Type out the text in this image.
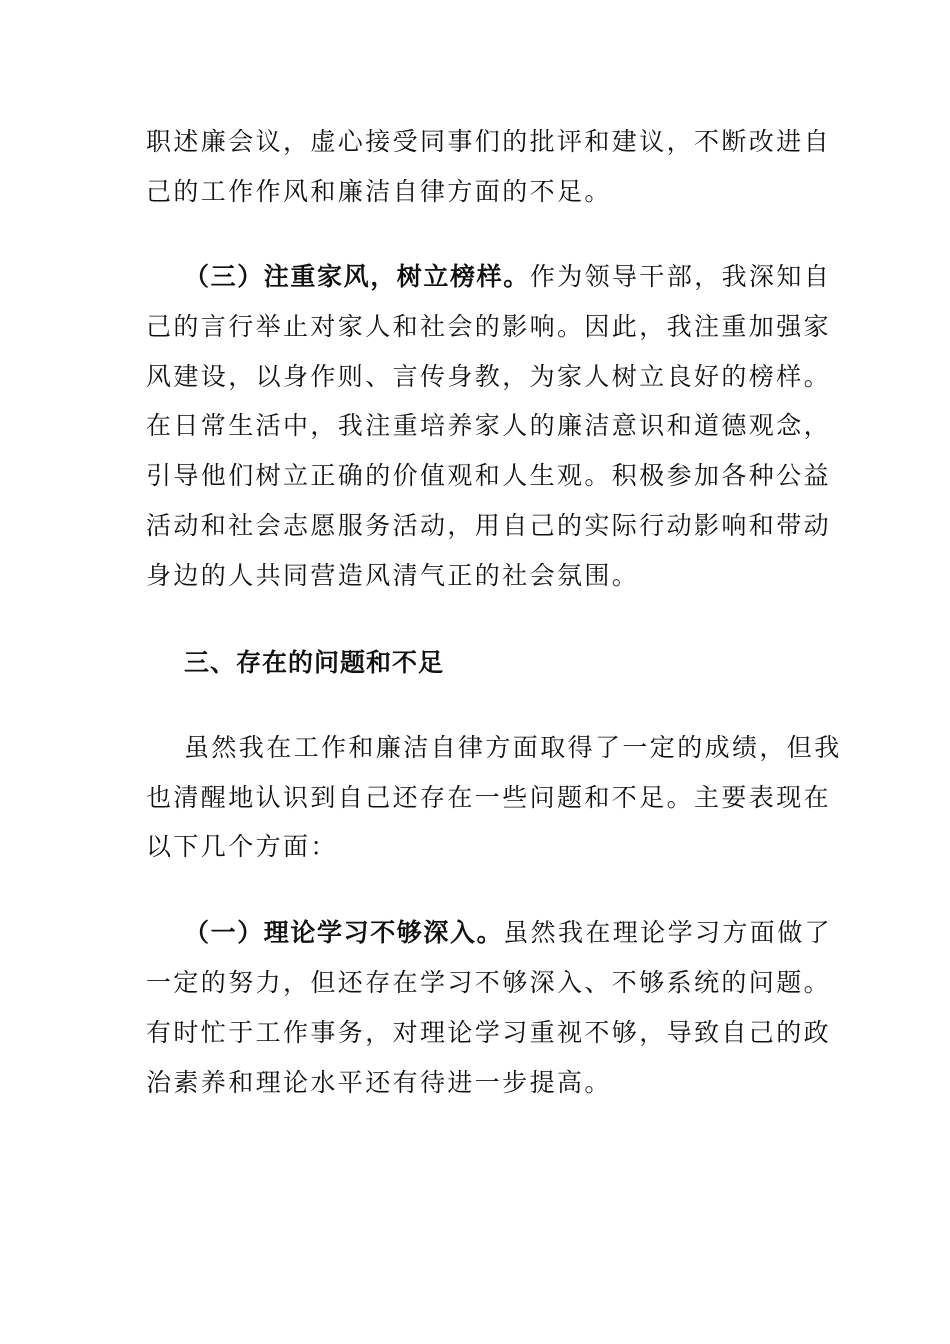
职述廉会议，虚心接受同事们的批评和建议，不断改进自
己的工作作风和廉洁自律方面的不足。
（三）注重家风，树立榜样。作为领导干部，我深知自
己的言行举止对家人和社会的影响。因此，我注重加强家
风建设，以身作则、言传身教，为家人树立良好的榜样。
在日常生活中，我注重培养家人的廉洁意识和道德观念，
引导他们树立正确的价值观和人生观。积极参加各种公益
活动和社会志愿服务活动，用自己的实际行动影响和带动
身边的人共同营造风清气正的社会氛围。
三、存在的问题和不足
虽然我在工作和廉洁自律方面取得了一定的成绩，但我
也清醒地认识到自己还存在一些问题和不足。主要表现在
以下几个方面：
（一）理论学习不够深入。虽然我在理论学习方面做了
一定的努力，但还存在学习不够深入、不够系统的问题。
有时忙于工作事务，对理论学习重视不够，导致自己的政
治素养和理论水平还有待进一步提高。
